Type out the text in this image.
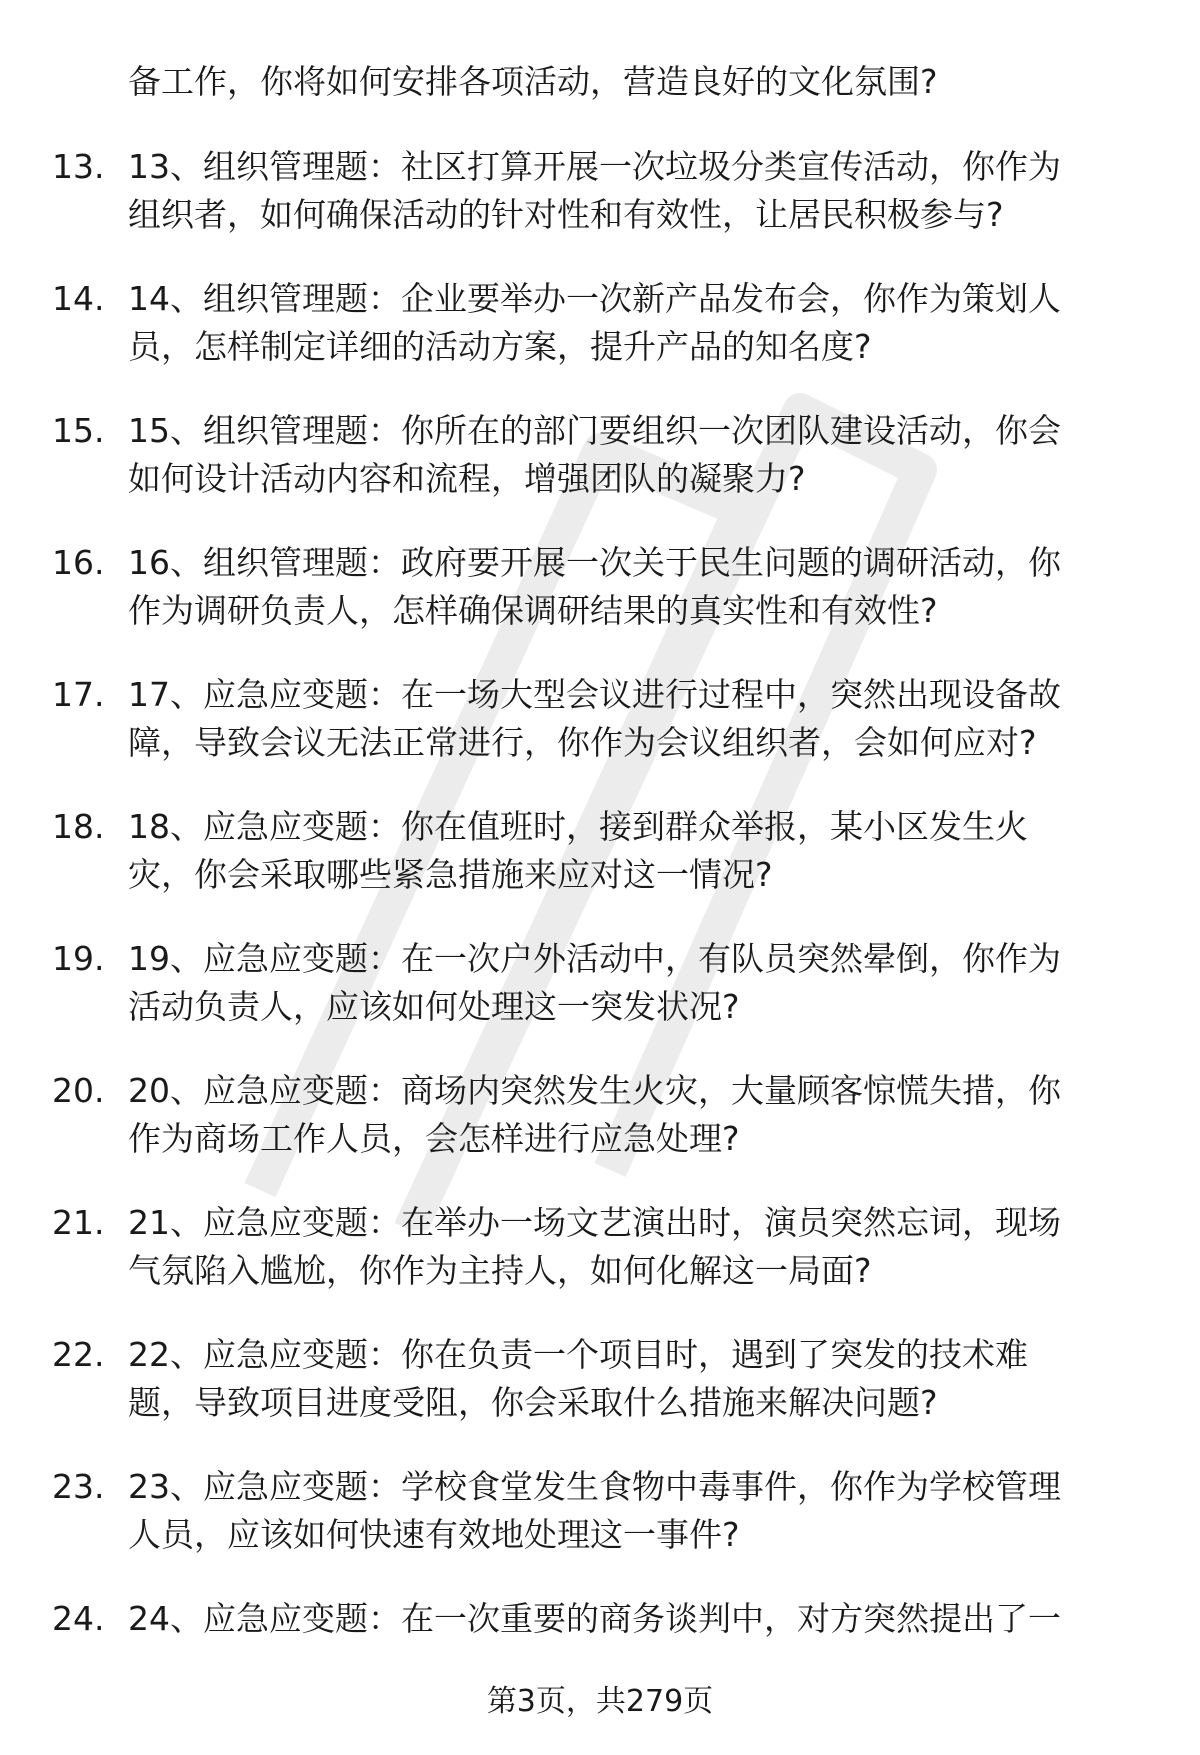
备工作，你将如何安排各项活动，营造良好的文化氛围?
13. 13、组织管理题：社区打算开展一次垃圾分类宣传活动，你作为
组织者，如何确保活动的针对性和有效性，让居民积极参与?
14. 14、组织管理题：企业要举办一次新产品发布会，你作为策划人
员，怎样制定详细的活动方案，提升产品的知名度?
15. 15、组织管理题：你所在的部门要组织一次团队建设活动，你会
如何设计活动内容和流程，增强团队的凝聚力?
16. 16、组织管理题：政府要开展一次关于民生问题的调研活动，你
作为调研负责人，怎样确保调研结果的真实性和有效性?
17. 17、应急应变题：在一场大型会议进行过程中，突然出现设备故
障，导致会议无法正常进行，你作为会议组织者，会如何应对?
18. 18、应急应变题：你在值班时，接到群众举报，某小区发生火
灾，你会采取哪些紧急措施来应对这一情况?
19. 19、应急应变题：在一次户外活动中，有队员突然晕倒，你作为
活动负责人，应该如何处理这一突发状况?
20. 20、应急应变题：商场内突然发生火灾，大量顾客惊慌失措，你
作为商场工作人员，会怎样进行应急处理?
21. 21、应急应变题：在举办一场文艺演出时，演员突然忘词，现场
气氛陷入尴尬，你作为主持人，如何化解这一局面?
22. 22、应急应变题：你在负责一个项目时，遇到了突发的技术难
题，导致项目进度受阻，你会采取什么措施来解决问题?
23. 23、应急应变题：学校食堂发生食物中毒事件，你作为学校管理
人员，应该如何快速有效地处理这一事件?
24. 24、应急应变题：在一次重要的商务谈判中，对方突然提出了一
第3页，共279页
